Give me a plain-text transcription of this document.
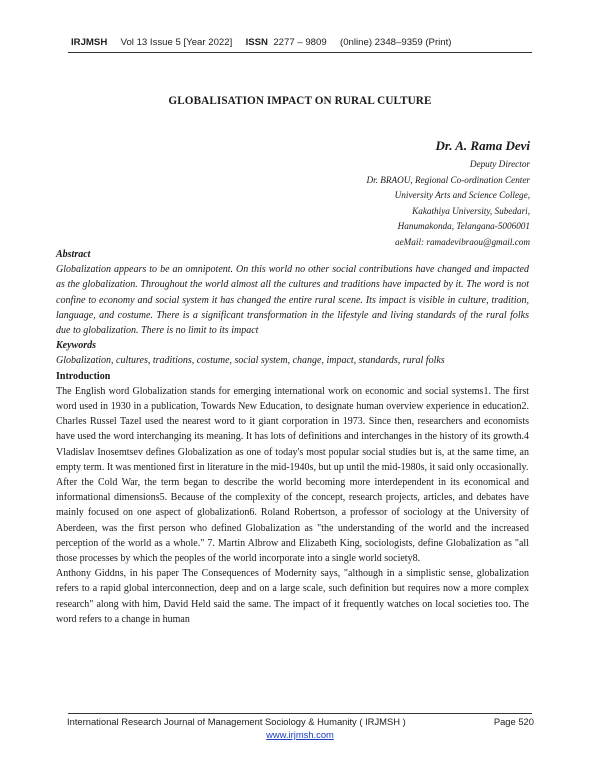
IRJMSH Vol 13 Issue 5 [Year 2022] ISSN 2277 – 9809 (0nline) 2348–9359 (Print)
GLOBALISATION IMPACT ON RURAL CULTURE
Dr. A. Rama Devi
Deputy Director
Dr. BRAOU, Regional Co-ordination Center
University Arts and Science College,
Kakathiya University, Subedari,
Hanumakonda, Telangana-5006001
aeMail: ramadevibraou@gmail.com

Abstract

Globalization appears to be an omnipotent. On this world no other social contributions have changed and impacted as the globalization. Throughout the world almost all the cultures and traditions have impacted by it. The word is not confine to economy and social system it has changed the entire rural scene. Its impact is visible in culture, tradition, language, and costume. There is a significant transformation in the lifestyle and living standards of the rural folks due to globalization. There is no limit to its impact

Keywords

Globalization, cultures, traditions, costume, social system, change, impact, standards, rural folks

Introduction

The English word Globalization stands for emerging international work on economic and social systems1. The first word used in 1930 in a publication, Towards New Education, to designate human overview experience in education2. Charles Russel Tazel used the nearest word to it giant corporation in 1973. Since then, researchers and economists have used the word interchanging its meaning. It has lots of definitions and interchanges in the history of its growth.4 Vladislav Inosemtsev defines Globalization as one of today's most popular social studies but is, at the same time, an empty term. It was mentioned first in literature in the mid-1940s, but up until the mid-1980s, it said only occasionally.

After the Cold War, the term began to describe the world becoming more interdependent in its economical and informational dimensions5. Because of the complexity of the concept, research projects, articles, and debates have mainly focused on one aspect of globalization6. Roland Robertson, a professor of sociology at the University of Aberdeen, was the first person who defined Globalization as "the understanding of the world and the increased perception of the world as a whole." 7. Martin Albrow and Elizabeth King, sociologists, define Globalization as "all those processes by which the peoples of the world incorporate into a single world society8.

Anthony Giddns, in his paper The Consequences of Modernity says, "although in a simplistic sense, globalization refers to a rapid global interconnection, deep and on a large scale, such definition but requires now a more complex research" along with him, David Held said the same. The impact of it frequently watches on local societies too. The word refers to a change in human

International Research Journal of Management Sociology & Humanity ( IRJMSH )	Page 520
www.irjmsh.com
